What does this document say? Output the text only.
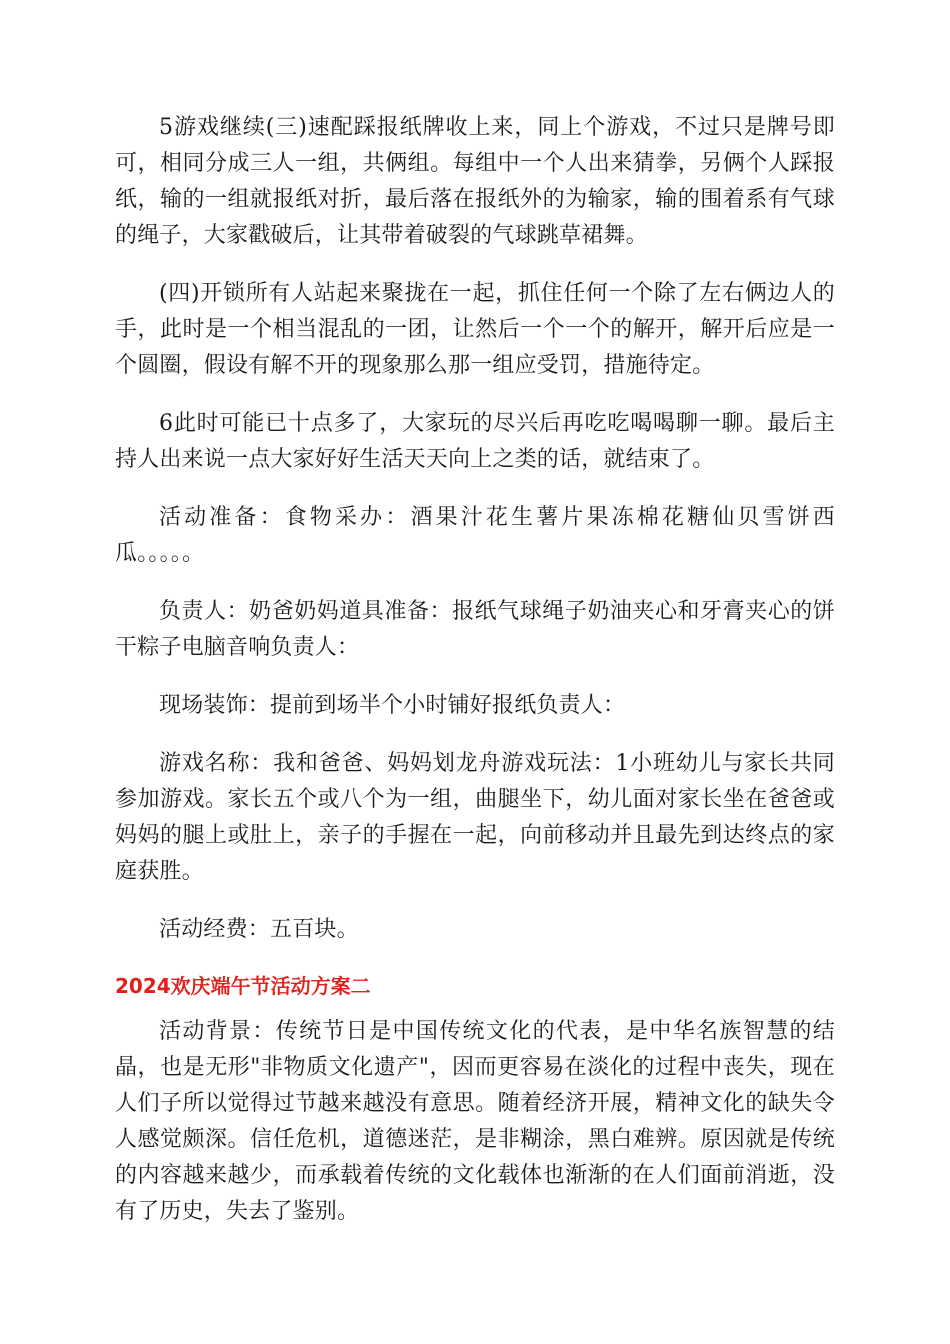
5游戏继续(三)速配踩报纸牌收上来，同上个游戏，不过只是牌号即可，相同分成三人一组，共俩组。每组中一个人出来猜拳，另俩个人踩报纸，输的一组就报纸对折，最后落在报纸外的为输家，输的围着系有气球的绳子，大家戳破后，让其带着破裂的气球跳草裙舞。

(四)开锁所有人站起来聚拢在一起，抓住任何一个除了左右俩边人的手，此时是一个相当混乱的一团，让然后一个一个的解开，解开后应是一个圆圈，假设有解不开的现象那么那一组应受罚，措施待定。

6此时可能已十点多了，大家玩的尽兴后再吃吃喝喝聊一聊。最后主持人出来说一点大家好好生活天天向上之类的话，就结束了。

活动准备：食物采办：酒果汁花生薯片果冻棉花糖仙贝雪饼西瓜。。。。。

负责人：奶爸奶妈道具准备：报纸气球绳子奶油夹心和牙膏夹心的饼干粽子电脑音响负责人：

现场装饰：提前到场半个小时铺好报纸负责人：

游戏名称：我和爸爸、妈妈划龙舟游戏玩法：1小班幼儿与家长共同参加游戏。家长五个或八个为一组，曲腿坐下，幼儿面对家长坐在爸爸或妈妈的腿上或肚上，亲子的手握在一起，向前移动并且最先到达终点的家庭获胜。

活动经费：五百块。

2024欢庆端午节活动方案二

活动背景：传统节日是中国传统文化的代表，是中华名族智慧的结晶，也是无形"非物质文化遗产"，因而更容易在淡化的过程中丧失，现在人们子所以觉得过节越来越没有意思。随着经济开展，精神文化的缺失令人感觉颇深。信任危机，道德迷茫，是非糊涂，黑白难辨。原因就是传统的内容越来越少，而承载着传统的文化载体也渐渐的在人们面前消逝，没有了历史，失去了鉴别。
